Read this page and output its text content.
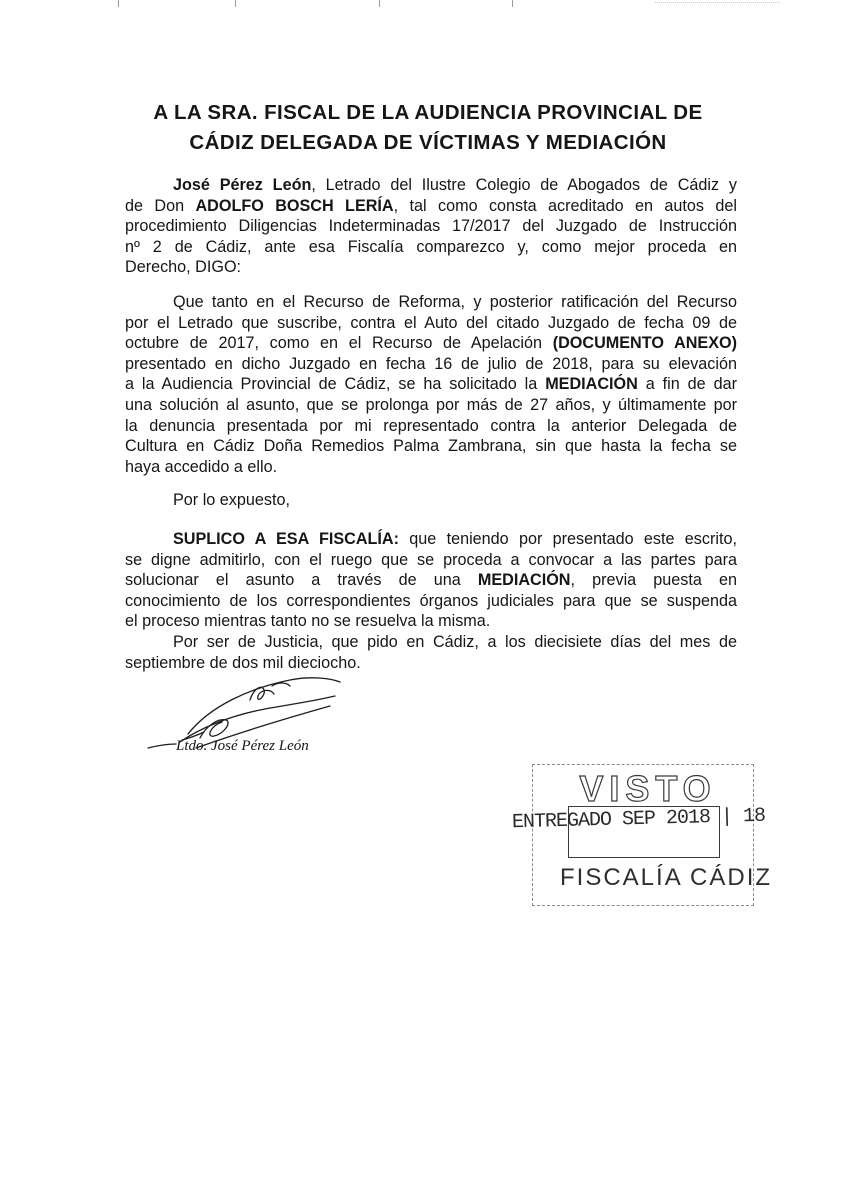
A LA SRA. FISCAL DE LA AUDIENCIA PROVINCIAL DE
CÁDIZ DELEGADA DE VÍCTIMAS Y MEDIACIÓN
José Pérez León, Letrado del Ilustre Colegio de Abogados de Cádiz y
de Don ADOLFO BOSCH LERÍA, tal como consta acreditado en autos del
procedimiento Diligencias Indeterminadas 17/2017 del Juzgado de Instrucción
nº 2 de Cádiz, ante esa Fiscalía comparezco y, como mejor proceda en
Derecho, DIGO:
Que tanto en el Recurso de Reforma, y posterior ratificación del Recurso
por el Letrado que suscribe, contra el Auto del citado Juzgado de fecha 09 de
octubre de 2017, como en el Recurso de Apelación (DOCUMENTO ANEXO)
presentado en dicho Juzgado en fecha 16 de julio de 2018, para su elevación
a la Audiencia Provincial de Cádiz, se ha solicitado la MEDIACIÓN a fin de dar
una solución al asunto, que se prolonga por más de 27 años, y últimamente por
la denuncia presentada por mi representado contra la anterior Delegada de
Cultura en Cádiz Doña Remedios Palma Zambrana, sin que hasta la fecha se
haya accedido a ello.
Por lo expuesto,
SUPLICO A ESA FISCALÍA: que teniendo por presentado este escrito,
se digne admitirlo, con el ruego que se proceda a convocar a las partes para
solucionar el asunto a través de una MEDIACIÓN, previa puesta en
conocimiento de los correspondientes órganos judiciales para que se suspenda
el proceso mientras tanto no se resuelva la misma.
Por ser de Justicia, que pido en Cádiz, a los diecisiete días del mes de
septiembre de dos mil dieciocho.
Ltdo. José Pérez León
VISTO
ENTREGADO SEP 2018 | 18
FISCALÍA CÁDIZ
